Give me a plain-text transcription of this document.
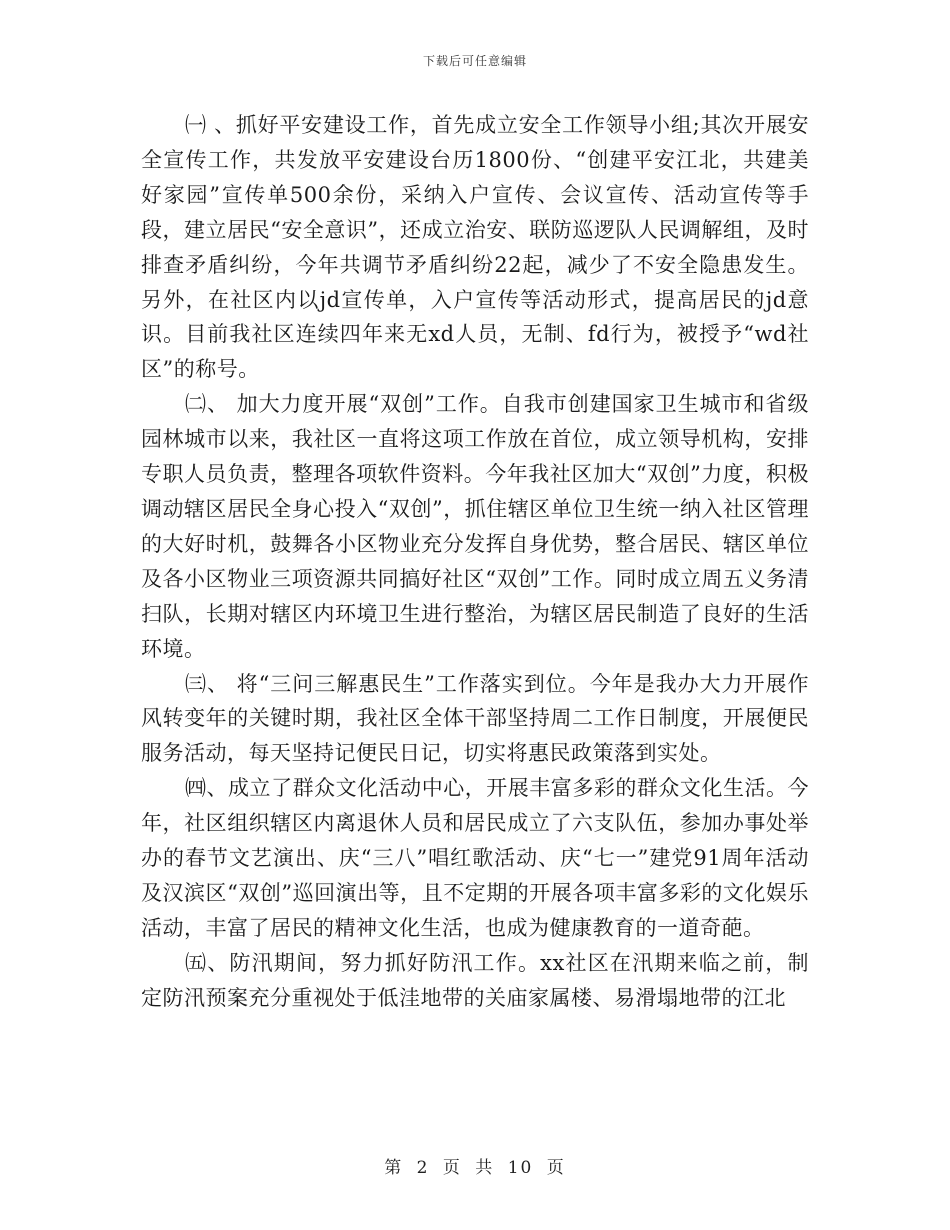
下载后可任意编辑

㈠ 、抓好平安建设工作，首先成立安全工作领导小组;其次开展安全宣传工作，共发放平安建设台历1800份、“创建平安江北，共建美好家园”宣传单500余份，采纳入户宣传、会议宣传、活动宣传等手段，建立居民“安全意识”，还成立治安、联防巡逻队人民调解组，及时排查矛盾纠纷，今年共调节矛盾纠纷22起，减少了不安全隐患发生。另外，在社区内以jd宣传单，入户宣传等活动形式，提高居民的jd意识。目前我社区连续四年来无xd人员，无制、fd行为，被授予“wd社区”的称号。

㈡、 加大力度开展“双创”工作。自我市创建国家卫生城市和省级园林城市以来，我社区一直将这项工作放在首位，成立领导机构，安排专职人员负责，整理各项软件资料。今年我社区加大“双创”力度，积极调动辖区居民全身心投入“双创”，抓住辖区单位卫生统一纳入社区管理的大好时机，鼓舞各小区物业充分发挥自身优势，整合居民、辖区单位及各小区物业三项资源共同搞好社区“双创”工作。同时成立周五义务清扫队，长期对辖区内环境卫生进行整治，为辖区居民制造了良好的生活环境。

㈢、 将“三问三解惠民生”工作落实到位。今年是我办大力开展作风转变年的关键时期，我社区全体干部坚持周二工作日制度，开展便民服务活动，每天坚持记便民日记，切实将惠民政策落到实处。

㈣、成立了群众文化活动中心，开展丰富多彩的群众文化生活。今年，社区组织辖区内离退休人员和居民成立了六支队伍，参加办事处举办的春节文艺演出、庆“三八”唱红歌活动、庆“七一”建党91周年活动及汉滨区“双创”巡回演出等，且不定期的开展各项丰富多彩的文化娱乐活动，丰富了居民的精神文化生活，也成为健康教育的一道奇葩。

㈤、防汛期间，努力抓好防汛工作。xx社区在汛期来临之前，制定防汛预案充分重视处于低洼地带的关庙家属楼、易滑塌地带的江北

第 2 页 共 10 页
